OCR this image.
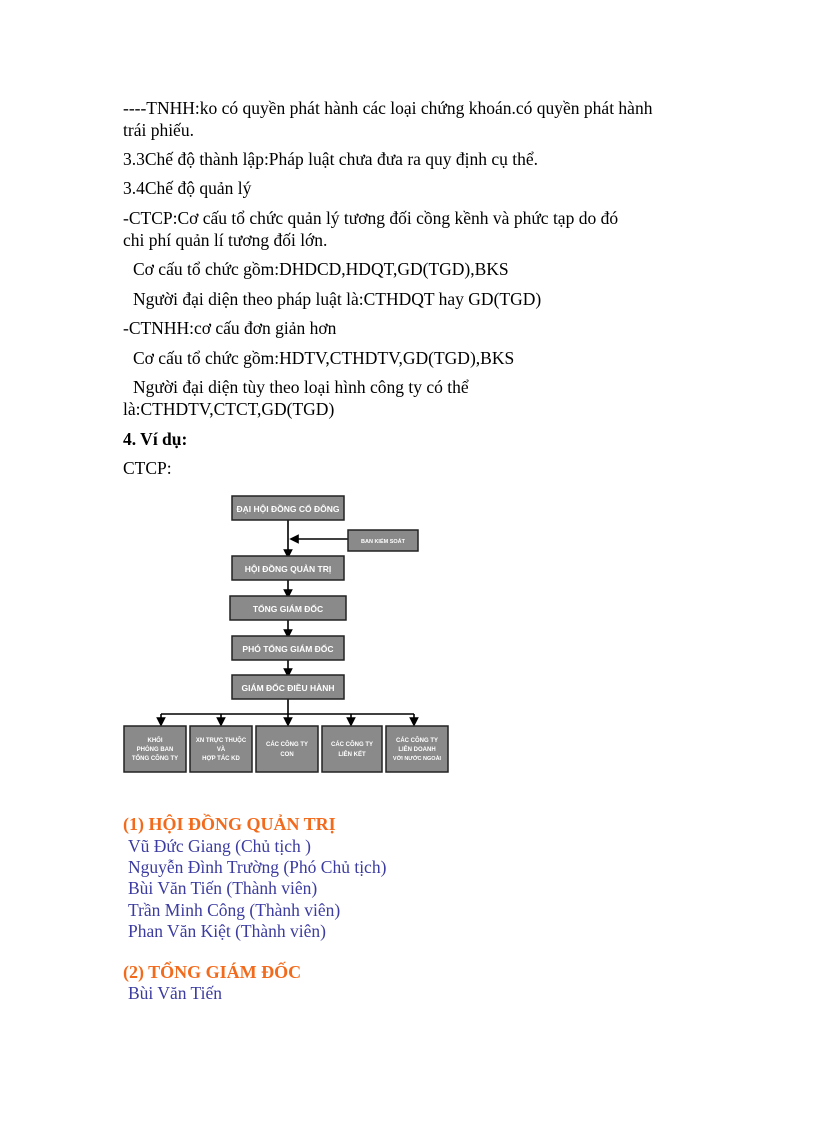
----TNHH:ko có quyền phát hành các loại chứng khoán.có quyền phát hành
trái phiếu.
3.3Chế độ thành lập:Pháp luật chưa đưa ra quy định cụ thể.
3.4Chế độ quản lý
-CTCP:Cơ cấu tổ chức quản lý tương đối cồng kềnh và phức tạp do đó
chi phí quản lí tương đối lớn.
Cơ cấu tổ chức gồm:DHDCD,HDQT,GD(TGD),BKS
Người đại diện theo pháp luật là:CTHDQT hay GD(TGD)
-CTNHH:cơ cấu đơn giản hơn
Cơ cấu tổ chức gồm:HDTV,CTHDTV,GD(TGD),BKS
Người đại diện tùy theo loại hình công ty có thể
là:CTHDTV,CTCT,GD(TGD)
4. Ví dụ:
CTCP:
ĐẠI HỘI ĐỒNG CỔ ĐÔNG
BAN KIỂM SOÁT
HỘI ĐỒNG QUẢN TRỊ
TỔNG GIÁM ĐỐC
PHÓ TỔNG GIÁM ĐỐC
GIÁM ĐỐC ĐIỀU HÀNH
KHỐI
PHÒNG BAN
TỔNG CÔNG TY
XN TRỰC THUỘC
VÀ
HỢP TÁC KD
CÁC CÔNG TY
CON
CÁC CÔNG TY
LIÊN KẾT
CÁC CÔNG TY
LIÊN DOANH
VỚI NƯỚC NGOÀI
(1) HỘI ĐỒNG QUẢN TRỊ
Vũ Đức Giang (Chủ tịch )
Nguyễn Đình Trường (Phó Chủ tịch)
Bùi Văn Tiến (Thành viên)
Trần Minh Công (Thành viên)
Phan Văn Kiệt (Thành viên)
(2) TỔNG GIÁM ĐỐC
Bùi Văn Tiến
